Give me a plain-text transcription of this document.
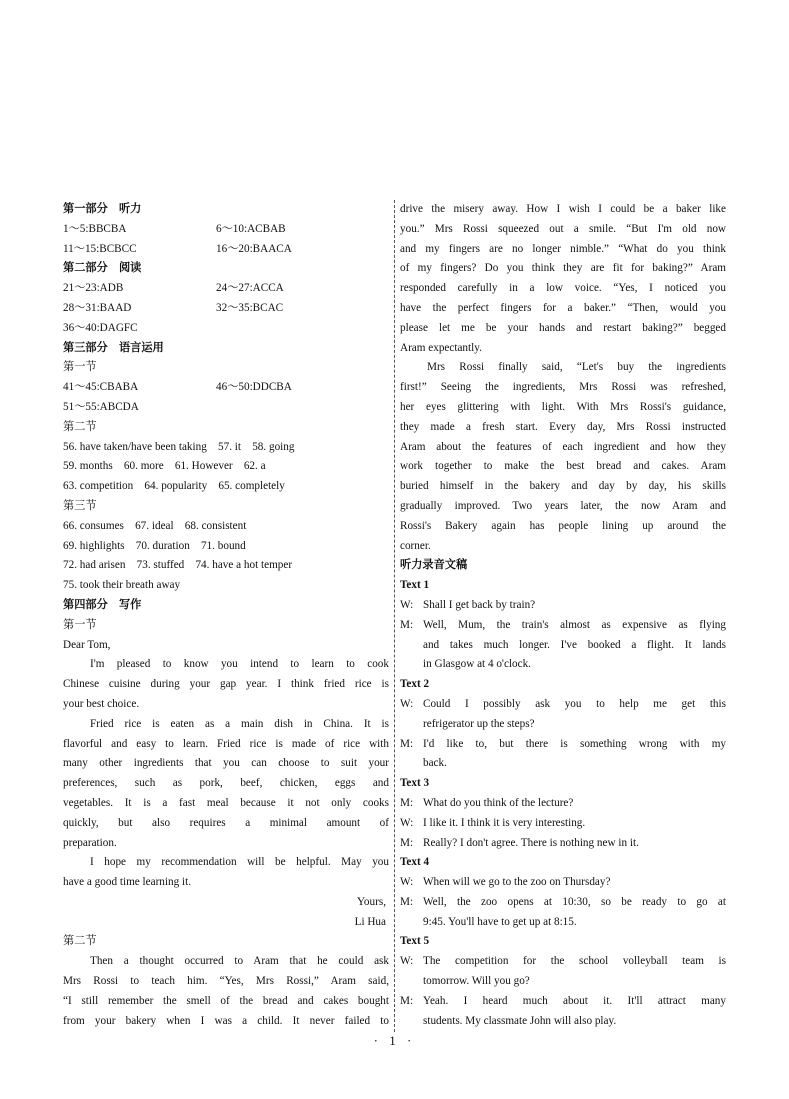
第一部分　听力
1～5:BBCBA	6～10:ACBAB
11～15:BCBCC	16～20:BAACA
第二部分　阅读
21～23:ADB	24～27:ACCA
28～31:BAAD	32～35:BCAC
36～40:DAGFC
第三部分　语言运用
第一节
41～45:CBABA	46～50:DDCBA
51～55:ABCDA
第二节
56. have taken/have been taking　57. it　58. going
59. months　60. more　61. However　62. a
63. competition　64. popularity　65. completely
第三节
66. consumes　67. ideal　68. consistent
69. highlights　70. duration　71. bound
72. had arisen　73. stuffed　74. have a hot temper
75. took their breath away
第四部分　写作
第一节
Dear Tom,
I'm pleased to know you intend to learn to cook
Chinese cuisine during your gap year. I think fried rice is
your best choice.
Fried rice is eaten as a main dish in China. It is
flavorful and easy to learn. Fried rice is made of rice with
many other ingredients that you can choose to suit your
preferences, such as pork, beef, chicken, eggs and
vegetables. It is a fast meal because it not only cooks
quickly, but also requires a minimal amount of
preparation.
I hope my recommendation will be helpful. May you
have a good time learning it.
Yours,
Li Hua
第二节
Then a thought occurred to Aram that he could ask
Mrs Rossi to teach him. “Yes, Mrs Rossi,” Aram said,
“I still remember the smell of the bread and cakes bought
from your bakery when I was a child. It never failed to
drive the misery away. How I wish I could be a baker like
you.” Mrs Rossi squeezed out a smile. “But I'm old now
and my fingers are no longer nimble.” “What do you think
of my fingers? Do you think they are fit for baking?” Aram
responded carefully in a low voice. “Yes, I noticed you
have the perfect fingers for a baker.” “Then, would you
please let me be your hands and restart baking?” begged
Aram expectantly.
Mrs Rossi finally said, “Let's buy the ingredients
first!” Seeing the ingredients, Mrs Rossi was refreshed,
her eyes glittering with light. With Mrs Rossi's guidance,
they made a fresh start. Every day, Mrs Rossi instructed
Aram about the features of each ingredient and how they
work together to make the best bread and cakes. Aram
buried himself in the bakery and day by day, his skills
gradually improved. Two years later, the now Aram and
Rossi's Bakery again has people lining up around the
corner.
听力录音文稿
Text 1
W: Shall I get back by train?
M: Well, Mum, the train's almost as expensive as flying
and takes much longer. I've booked a flight. It lands
in Glasgow at 4 o'clock.
Text 2
W: Could I possibly ask you to help me get this
refrigerator up the steps?
M: I'd like to, but there is something wrong with my
back.
Text 3
M: What do you think of the lecture?
W: I like it. I think it is very interesting.
M: Really? I don't agree. There is nothing new in it.
Text 4
W: When will we go to the zoo on Thursday?
M: Well, the zoo opens at 10:30, so be ready to go at
9:45. You'll have to get up at 8:15.
Text 5
W: The competition for the school volleyball team is
tomorrow. Will you go?
M: Yeah. I heard much about it. It'll attract many
students. My classmate John will also play.
· 1 ·
